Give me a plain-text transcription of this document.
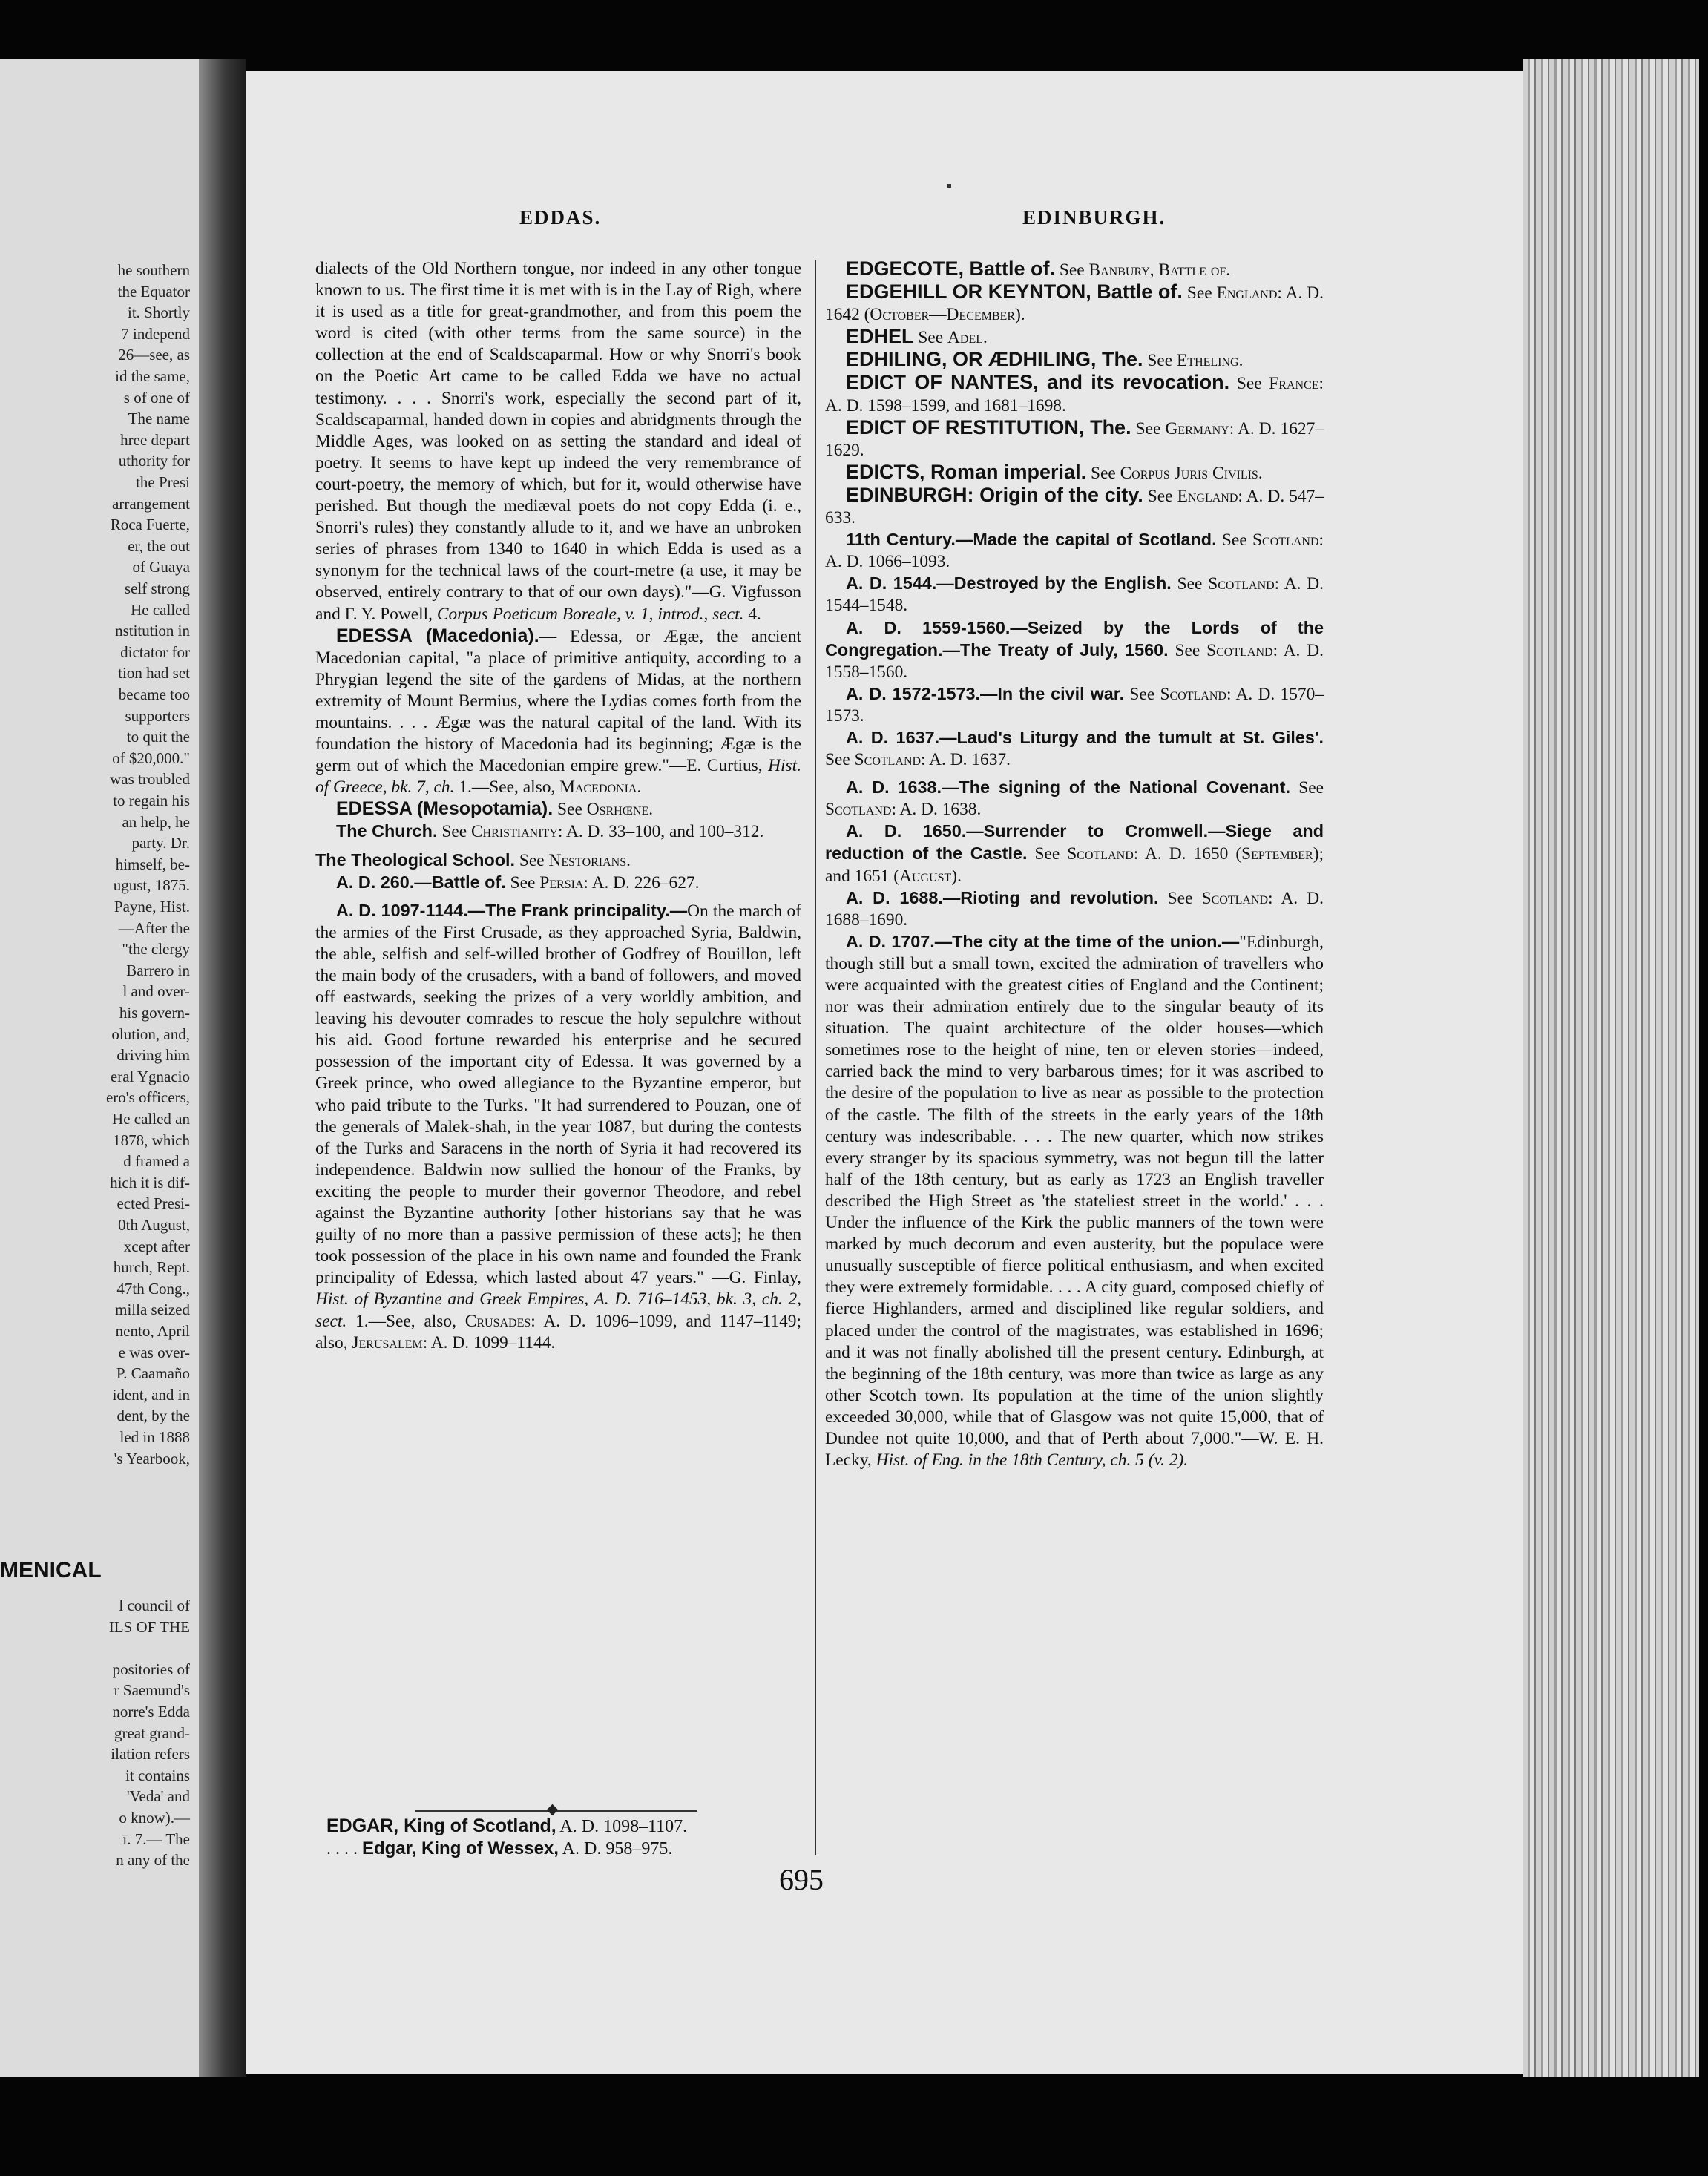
he southern
the Equator
it. Shortly
7 independ
26—see, as
id the same,
s of one of
The name
hree depart
uthority for
the Presi
arrangement
Roca Fuerte,
er, the out
of Guaya
self strong
He called
nstitution in
dictator for
tion had set
became too
supporters
to quit the
of $20,000."
was troubled
to regain his
an help, he
party. Dr.
himself, be-
ugust, 1875.
Payne, Hist.
—After the
"the clergy
Barrero in
l and over-
his govern-
olution, and,
driving him
eral Ygnacio
ero's officers,
He called an
1878, which
d framed a
hich it is dif-
ected Presi-
0th August,
xcept after
hurch, Rept.
47th Cong.,
milla seized
nento, April
e was over-
P. Caamaño
ident, and in
dent, by the
led in 1888
's Yearbook,
MENICAL
l council of
ILS OF THE
positories of
r Saemund's
norre's Edda
great grand-
ilation refers
it contains
'Veda' and
o know).—
ī. 7.— The
n any of the
EDDAS.	EDINBURGH.

dialects of the Old Northern tongue, nor indeed in any other tongue known to us. The first time it is met with is in the Lay of Righ, where it is used as a title for great-grandmother, and from this poem the word is cited (with other terms from the same source) in the collection at the end of Scaldscaparmal. How or why Snorri's book on the Poetic Art came to be called Edda we have no actual testimony. . . . Snorri's work, especially the second part of it, Scaldscaparmal, handed down in copies and abridgments through the Middle Ages, was looked on as setting the standard and ideal of poetry. It seems to have kept up indeed the very remembrance of court-poetry, the memory of which, but for it, would otherwise have perished. But though the mediæval poets do not copy Edda (i. e., Snorri's rules) they constantly allude to it, and we have an unbroken series of phrases from 1340 to 1640 in which Edda is used as a synonym for the technical laws of the court-metre (a use, it may be observed, entirely contrary to that of our own days)."—G. Vigfusson and F. Y. Powell, Corpus Poeticum Boreale, v. 1, introd., sect. 4.

EDESSA (Macedonia).— Edessa, or Ægæ, the ancient Macedonian capital, "a place of primitive antiquity, according to a Phrygian legend the site of the gardens of Midas, at the northern extremity of Mount Bermius, where the Lydias comes forth from the mountains. . . . Ægæ was the natural capital of the land. With its foundation the history of Macedonia had its beginning; Ægæ is the germ out of which the Macedonian empire grew."—E. Curtius, Hist. of Greece, bk. 7, ch. 1.—See, also, Macedonia.

EDESSA (Mesopotamia). See Osrhœne.

The Church. See Christianity: A. D. 33–100, and 100–312.

The Theological School. See Nestorians.

A. D. 260.—Battle of. See Persia: A. D. 226–627.

A. D. 1097-1144.—The Frank principality.—On the march of the armies of the First Crusade, as they approached Syria, Baldwin, the able, selfish and self-willed brother of Godfrey of Bouillon, left the main body of the crusaders, with a band of followers, and moved off eastwards, seeking the prizes of a very worldly ambition, and leaving his devouter comrades to rescue the holy sepulchre without his aid. Good fortune rewarded his enterprise and he secured possession of the important city of Edessa. It was governed by a Greek prince, who owed allegiance to the Byzantine emperor, but who paid tribute to the Turks. "It had surrendered to Pouzan, one of the generals of Malek-shah, in the year 1087, but during the contests of the Turks and Saracens in the north of Syria it had recovered its independence. Baldwin now sullied the honour of the Franks, by exciting the people to murder their governor Theodore, and rebel against the Byzantine authority [other historians say that he was guilty of no more than a passive permission of these acts]; he then took possession of the place in his own name and founded the Frank principality of Edessa, which lasted about 47 years." —G. Finlay, Hist. of Byzantine and Greek Empires, A. D. 716–1453, bk. 3, ch. 2, sect. 1.—See, also, Crusades: A. D. 1096–1099, and 1147–1149; also, Jerusalem: A. D. 1099–1144.

EDGAR, King of Scotland, A. D. 1098–1107.

. . . . Edgar, King of Wessex, A. D. 958–975.

EDGECOTE, Battle of. See Banbury, Battle of.

EDGEHILL OR KEYNTON, Battle of. See England: A. D. 1642 (October—December).

EDHEL See Adel.

EDHILING, OR ÆDHILING, The. See Etheling.

EDICT OF NANTES, and its revocation. See France: A. D. 1598–1599, and 1681–1698.

EDICT OF RESTITUTION, The. See Germany: A. D. 1627–1629.

EDICTS, Roman imperial. See Corpus Juris Civilis.

EDINBURGH: Origin of the city. See England: A. D. 547–633.

11th Century.—Made the capital of Scotland. See Scotland: A. D. 1066–1093.

A. D. 1544.—Destroyed by the English. See Scotland: A. D. 1544–1548.

A. D. 1559-1560.—Seized by the Lords of the Congregation.—The Treaty of July, 1560. See Scotland: A. D. 1558–1560.

A. D. 1572-1573.—In the civil war. See Scotland: A. D. 1570–1573.

A. D. 1637.—Laud's Liturgy and the tumult at St. Giles'. See Scotland: A. D. 1637.

A. D. 1638.—The signing of the National Covenant. See Scotland: A. D. 1638.

A. D. 1650.—Surrender to Cromwell.—Siege and reduction of the Castle. See Scotland: A. D. 1650 (September); and 1651 (August).

A. D. 1688.—Rioting and revolution. See Scotland: A. D. 1688–1690.

A. D. 1707.—The city at the time of the union.—"Edinburgh, though still but a small town, excited the admiration of travellers who were acquainted with the greatest cities of England and the Continent; nor was their admiration entirely due to the singular beauty of its situation. The quaint architecture of the older houses—which sometimes rose to the height of nine, ten or eleven stories—indeed, carried back the mind to very barbarous times; for it was ascribed to the desire of the population to live as near as possible to the protection of the castle. The filth of the streets in the early years of the 18th century was indescribable. . . . The new quarter, which now strikes every stranger by its spacious symmetry, was not begun till the latter half of the 18th century, but as early as 1723 an English traveller described the High Street as 'the stateliest street in the world.' . . . Under the influence of the Kirk the public manners of the town were marked by much decorum and even austerity, but the populace were unusually susceptible of fierce political enthusiasm, and when excited they were extremely formidable. . . . A city guard, composed chiefly of fierce Highlanders, armed and disciplined like regular soldiers, and placed under the control of the magistrates, was established in 1696; and it was not finally abolished till the present century. Edinburgh, at the beginning of the 18th century, was more than twice as large as any other Scotch town. Its population at the time of the union slightly exceeded 30,000, while that of Glasgow was not quite 15,000, that of Dundee not quite 10,000, and that of Perth about 7,000."—W. E. H. Lecky, Hist. of Eng. in the 18th Century, ch. 5 (v. 2).

695
